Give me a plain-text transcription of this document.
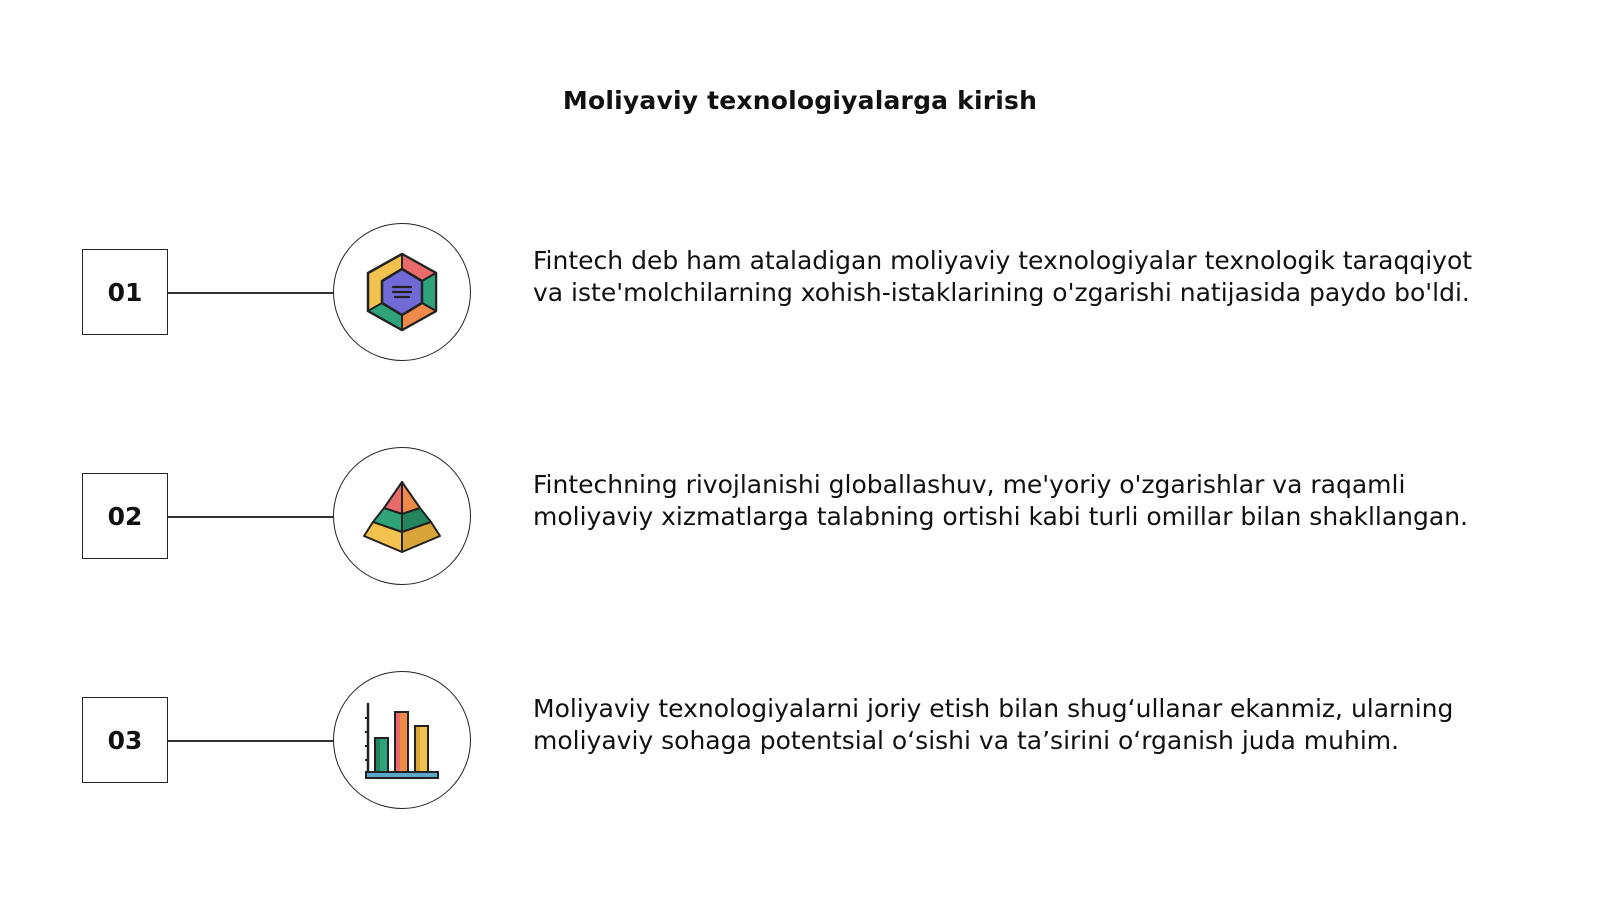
Moliyaviy texnologiyalarga kirish
01
Fintech deb ham ataladigan moliyaviy texnologiyalar texnologik taraqqiyot va iste'molchilarning xohish-istaklarining o'zgarishi natijasida paydo bo'ldi.
02
Fintechning rivojlanishi globallashuv, me'yoriy o'zgarishlar va raqamli moliyaviy xizmatlarga talabning ortishi kabi turli omillar bilan shakllangan.
03
Moliyaviy texnologiyalarni joriy etish bilan shug‘ullanar ekanmiz, ularning moliyaviy sohaga potentsial o‘sishi va ta’sirini o‘rganish juda muhim.
